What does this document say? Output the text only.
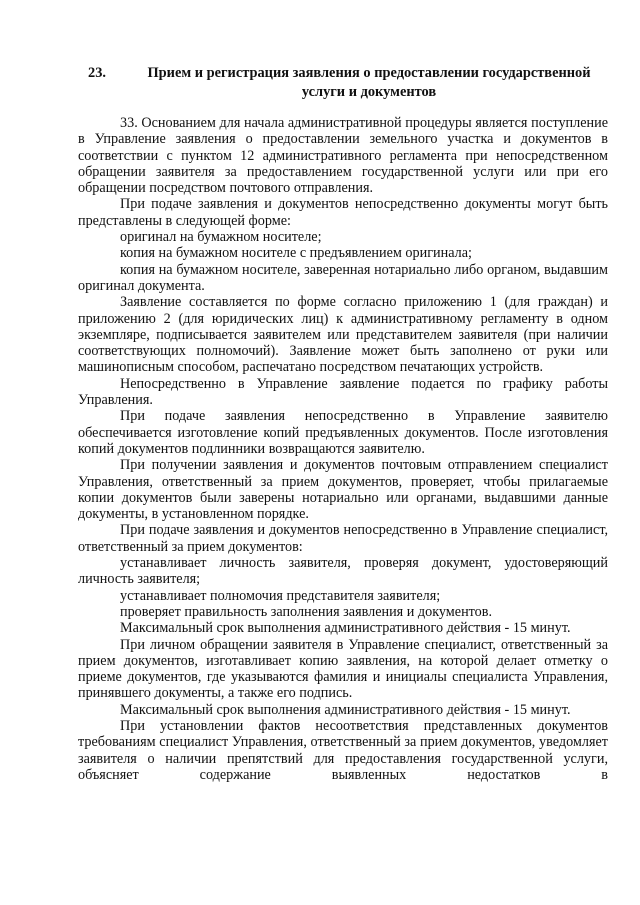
23.	Прием и регистрация заявления о предоставлении государственной услуги и документов

33. Основанием для начала административной процедуры является поступление в Управление заявления о предоставлении земельного участка и документов в соответствии с пунктом 12 административного регламента при непосредственном обращении заявителя за предоставлением государственной услуги или при его обращении посредством почтового отправления.

При подаче заявления и документов непосредственно документы могут быть представлены в следующей форме:

оригинал на бумажном носителе;

копия на бумажном носителе с предъявлением оригинала;

копия на бумажном носителе, заверенная нотариально либо органом, выдавшим оригинал документа.

Заявление составляется по форме согласно приложению 1 (для граждан) и приложению 2 (для юридических лиц) к административному регламенту в одном экземпляре, подписывается заявителем или представителем заявителя (при наличии соответствующих полномочий). Заявление может быть заполнено от руки или машинописным способом, распечатано посредством печатающих устройств.

Непосредственно в Управление заявление подается по графику работы Управления.

При подаче заявления непосредственно в Управление заявителю обеспечивается изготовление копий предъявленных документов. После изготовления копий документов подлинники возвращаются заявителю.

При получении заявления и документов почтовым отправлением специалист Управления, ответственный за прием документов, проверяет, чтобы прилагаемые копии документов были заверены нотариально или органами, выдавшими данные документы, в установленном порядке.

При подаче заявления и документов непосредственно в Управление специалист, ответственный за прием документов:

устанавливает личность заявителя, проверяя документ, удостоверяющий личность заявителя;

устанавливает полномочия представителя заявителя;

проверяет правильность заполнения заявления и документов.

Максимальный срок выполнения административного действия - 15 минут.

При личном обращении заявителя в Управление специалист, ответственный за прием документов, изготавливает копию заявления, на которой делает отметку о приеме документов, где указываются фамилия и инициалы специалиста Управления, принявшего документы, а также его подпись.

Максимальный срок выполнения административного действия - 15 минут.

При установлении фактов несоответствия представленных документов требованиям специалист Управления, ответственный за прием документов, уведомляет заявителя о наличии препятствий для предоставления государственной услуги, объясняет содержание выявленных недостатков в
